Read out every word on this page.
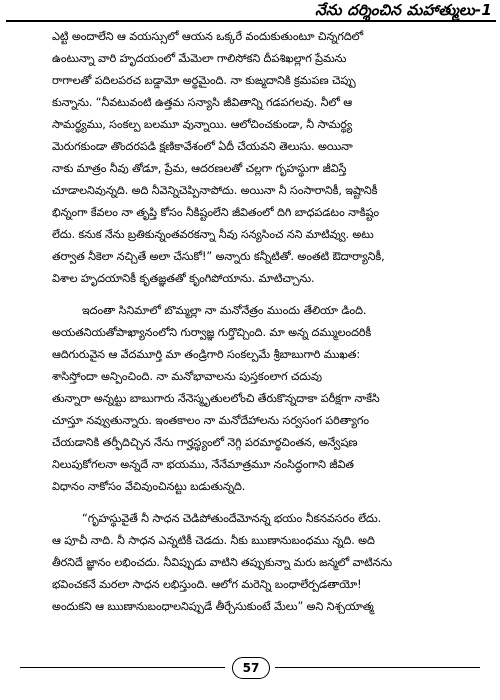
నేను దర్శించిన మహాత్ములు-1
ఎట్టి అందాలేని ఆ వయస్సులో ఆయన ఒక్కరే వందుకుతుంటూ చిన్నగదిలో
ఉంటున్నా వారి హృదయంలో మేమెలా గాలిసోకని దీపశిఖల్లాగ ప్రేమను
రాగాలతో పదిలపరచ బడ్డామో అర్థమైంది. నా కుఙ్మదానికి క్రమపణ చెప్పు
కున్నాను. “నీవటువంటి ఉత్తమ సన్యాసి జీవితాన్ని గడపగలవు. నీలో ఆ
సామర్థ్యము, సంకల్ప బలమూ వున్నాయి. ఆలోచించకుండా, నీ సామర్థ్య
మెరుగకుండా తొందరపడి క్షణికావేశంలో ఏదీ చేయవని తెలుసు. అయినా
నాకు మాత్రం నీవు తోడూ, ప్రేమ, ఆదరణలతో చల్లగా గృహస్థుగా జీవిస్తే
చూడాలనివున్నది. అది నీవెన్నిచెప్పినాపోదు. అయినా నీ సంసారానికీ, ఇష్టానికీ
భిన్నంగా కేవలం నా తృప్తి కోసం నీకిష్టంలేని జీవితంలో దిగి బాధపడటం నాకిష్టం
లేదు. కనుక నేను బ్రతికున్నంతవరకన్నా నీవు సన్యసించ నని మాటివ్వు. అటు
తర్వాత నీకెలా నచ్చితే అలా చేసుకో!” అన్నారు కన్నీటితో. అంతటి ఔదార్యానికీ,
విశాల హృదయానికీ కృతజ్ఞతతో కృంగిపోయాను. మాటిచ్చాను.
ఇదంతా సినిమాలో బొమ్మల్లా నా మనోనేత్రం ముందు తేలియా డింది.
అయతనియతోపాఖ్యానంలోని గుర్వాజ్ఞ గుర్తొచ్చింది. మా అన్న దమ్ములందరికీ
ఆదిగురువైన ఆ వేదమూర్తి మా తండ్రిగారి సంకల్పమే శ్రీబాబుగారి ముఖత:
శాసిస్తోందా అన్పించింది. నా మనోభావాలను పుస్తకంలాగ చదువు
తున్నారా అన్నట్టు బాబుగారు నేనెస్మృతులలోంచి తేరుకొన్నదాకా పరీక్షగా నాకేసి
చూస్తూ నవ్వుతున్నారు. ఇంతకాలం నా మనోదేహాలను సర్వసంగ పరిత్యాగం
చేయడానికి తర్ఫీదిచ్చిన నేను గార్హస్థ్యంలో నెగ్గి పరమార్థచింతన, అన్వేషణ
నిలుపుకోగలనా అన్నదే నా భయము, నేనేమాత్రమూ నంసిద్ధంగాని జీవిత
విధానం నాకోసం వేచివుంచినట్టు బడుతున్నది.
“గృహస్థువైతే నీ సాధన చెడిపోతుందేమోనన్న భయం నీకనవసరం లేదు.
ఆ పూచీ నాది. నీ సాధన ఎన్నటికీ చెడదు. నీకు ఋణానుబంధము న్నది. అది
తీరనిదే జ్ఞానం లభించదు. నీవిప్పుడు వాటిని తప్పుకున్నా మరు జన్మలో వాటినను
భవించకనే మరలా సాధన లభిస్తుంది. ఆలోగ మరెన్ని బంధాలేర్పడతాయో!
అందుకని ఆ ఋణానుబంధాలనిప్పుడే తీర్చేసుకుంటే మేలు” అని నిశ్చయాత్మ
57
